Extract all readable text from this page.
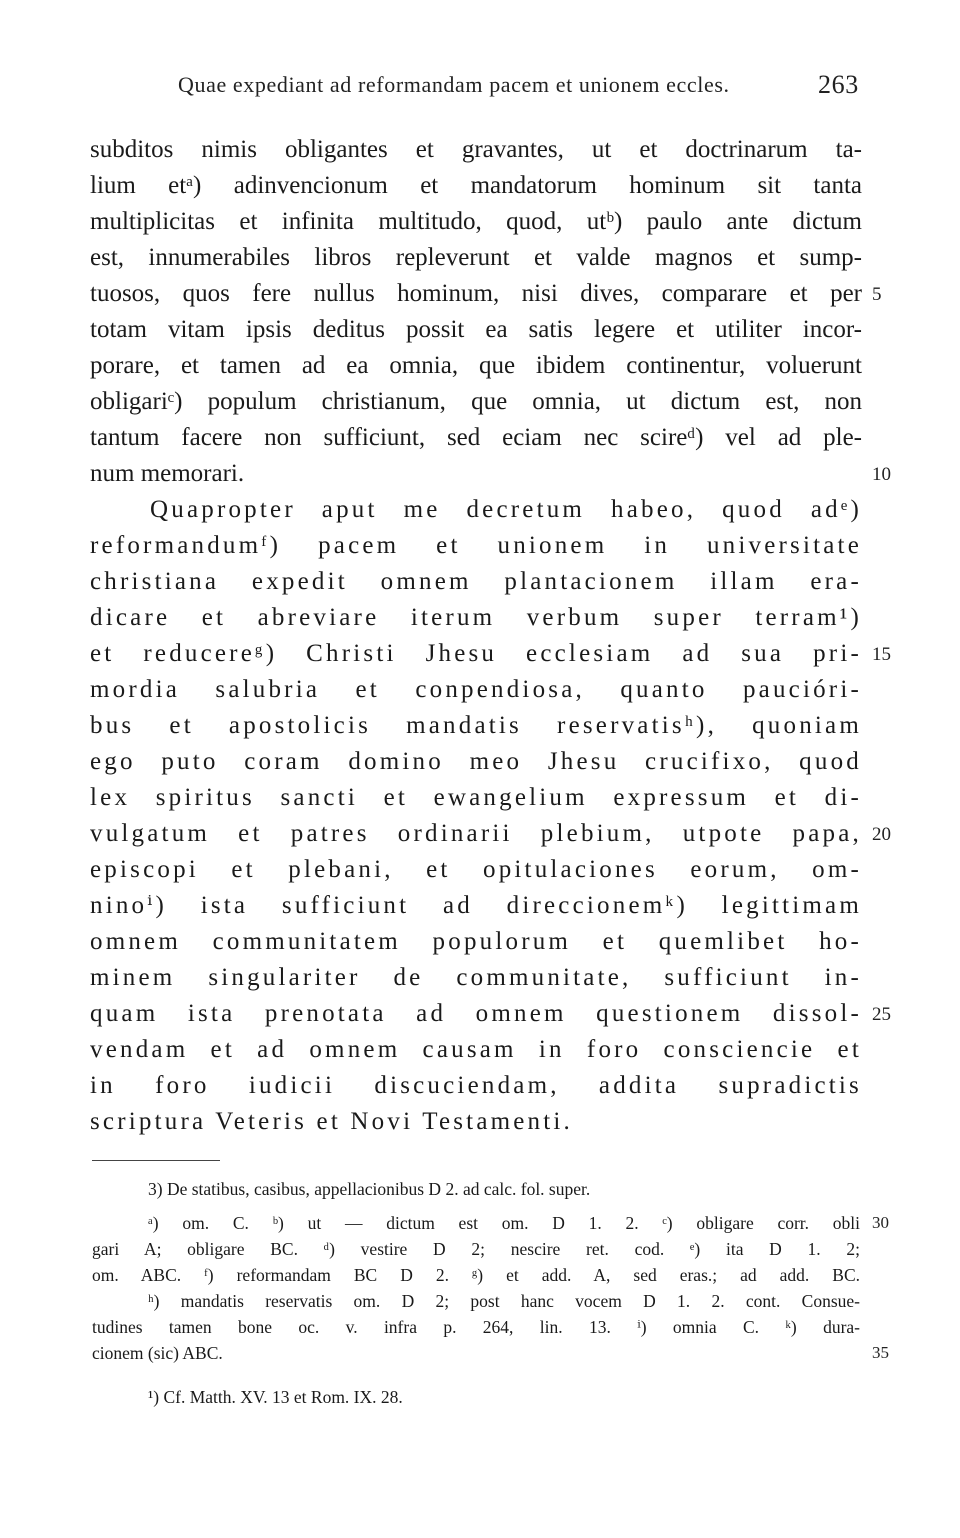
Quae expediant ad reformandam pacem et unionem eccles.	263
subditos nimis obligantes et gravantes, ut et doctrinarum ta-
lium etᵃ) adinvencionum et mandatorum hominum sit tanta
multiplicitas et infinita multitudo, quod, utᵇ) paulo ante dictum
est, innumerabiles libros repleverunt et valde magnos et sump-
tuosos, quos fere nullus hominum, nisi dives, comparare et per
totam vitam ipsis deditus possit ea satis legere et utiliter incor-
porare, et tamen ad ea omnia, que ibidem continentur, voluerunt
obligariᶜ) populum christianum, que omnia, ut dictum est, non
tantum facere non sufficiunt, sed eciam nec scireᵈ) vel ad ple-
num memorari.
Quapropter aput me decretum habeo, quod adᵉ)
reformandumᶠ) pacem et unionem in universitate
christiana expedit omnem plantacionem illam era-
dicare et abreviare iterum verbum super terram¹)
et reducereᵍ) Christi Jhesu ecclesiam ad sua pri-
mordia salubria et conpendiosa, quanto paucióri-
bus et apostolicis mandatis reservatisʰ), quoniam
ego puto coram domino meo Jhesu crucifixo, quod
lex spiritus sancti et ewangelium expressum et di-
vulgatum et patres ordinarii plebium, utpote papa,
episcopi et plebani, et opitulaciones eorum, om-
ninoⁱ) ista sufficiunt ad direccionemᵏ) legittimam
omnem communitatem populorum et quemlibet ho-
minem singulariter de communitate, sufficiunt in-
quam ista prenotata ad omnem questionem dissol-
vendam et ad omnem causam in foro consciencie et
in foro iudicii discuciendam, addita supradictis
scriptura Veteris et Novi Testamenti.
5
10
15
20
25
3) De statibus, casibus, appellacionibus D 2. ad calc. fol. super.
ᵃ) om. C. ᵇ) ut — dictum est om. D 1. 2. ᶜ) obligare corr. obli
gari A; obligare BC. ᵈ) vestire D 2; nescire ret. cod. ᵉ) ita D 1. 2;
om. ABC. ᶠ) reformandam BC D 2. ᵍ) et add. A, sed eras.; ad add. BC.
ʰ) mandatis reservatis om. D 2; post hanc vocem D 1. 2. cont. Consue-
tudines tamen bone oc. v. infra p. 264, lin. 13. ⁱ) omnia C. ᵏ) dura-
cionem (sic) ABC.
¹) Cf. Matth. XV. 13 et Rom. IX. 28.
30
35
